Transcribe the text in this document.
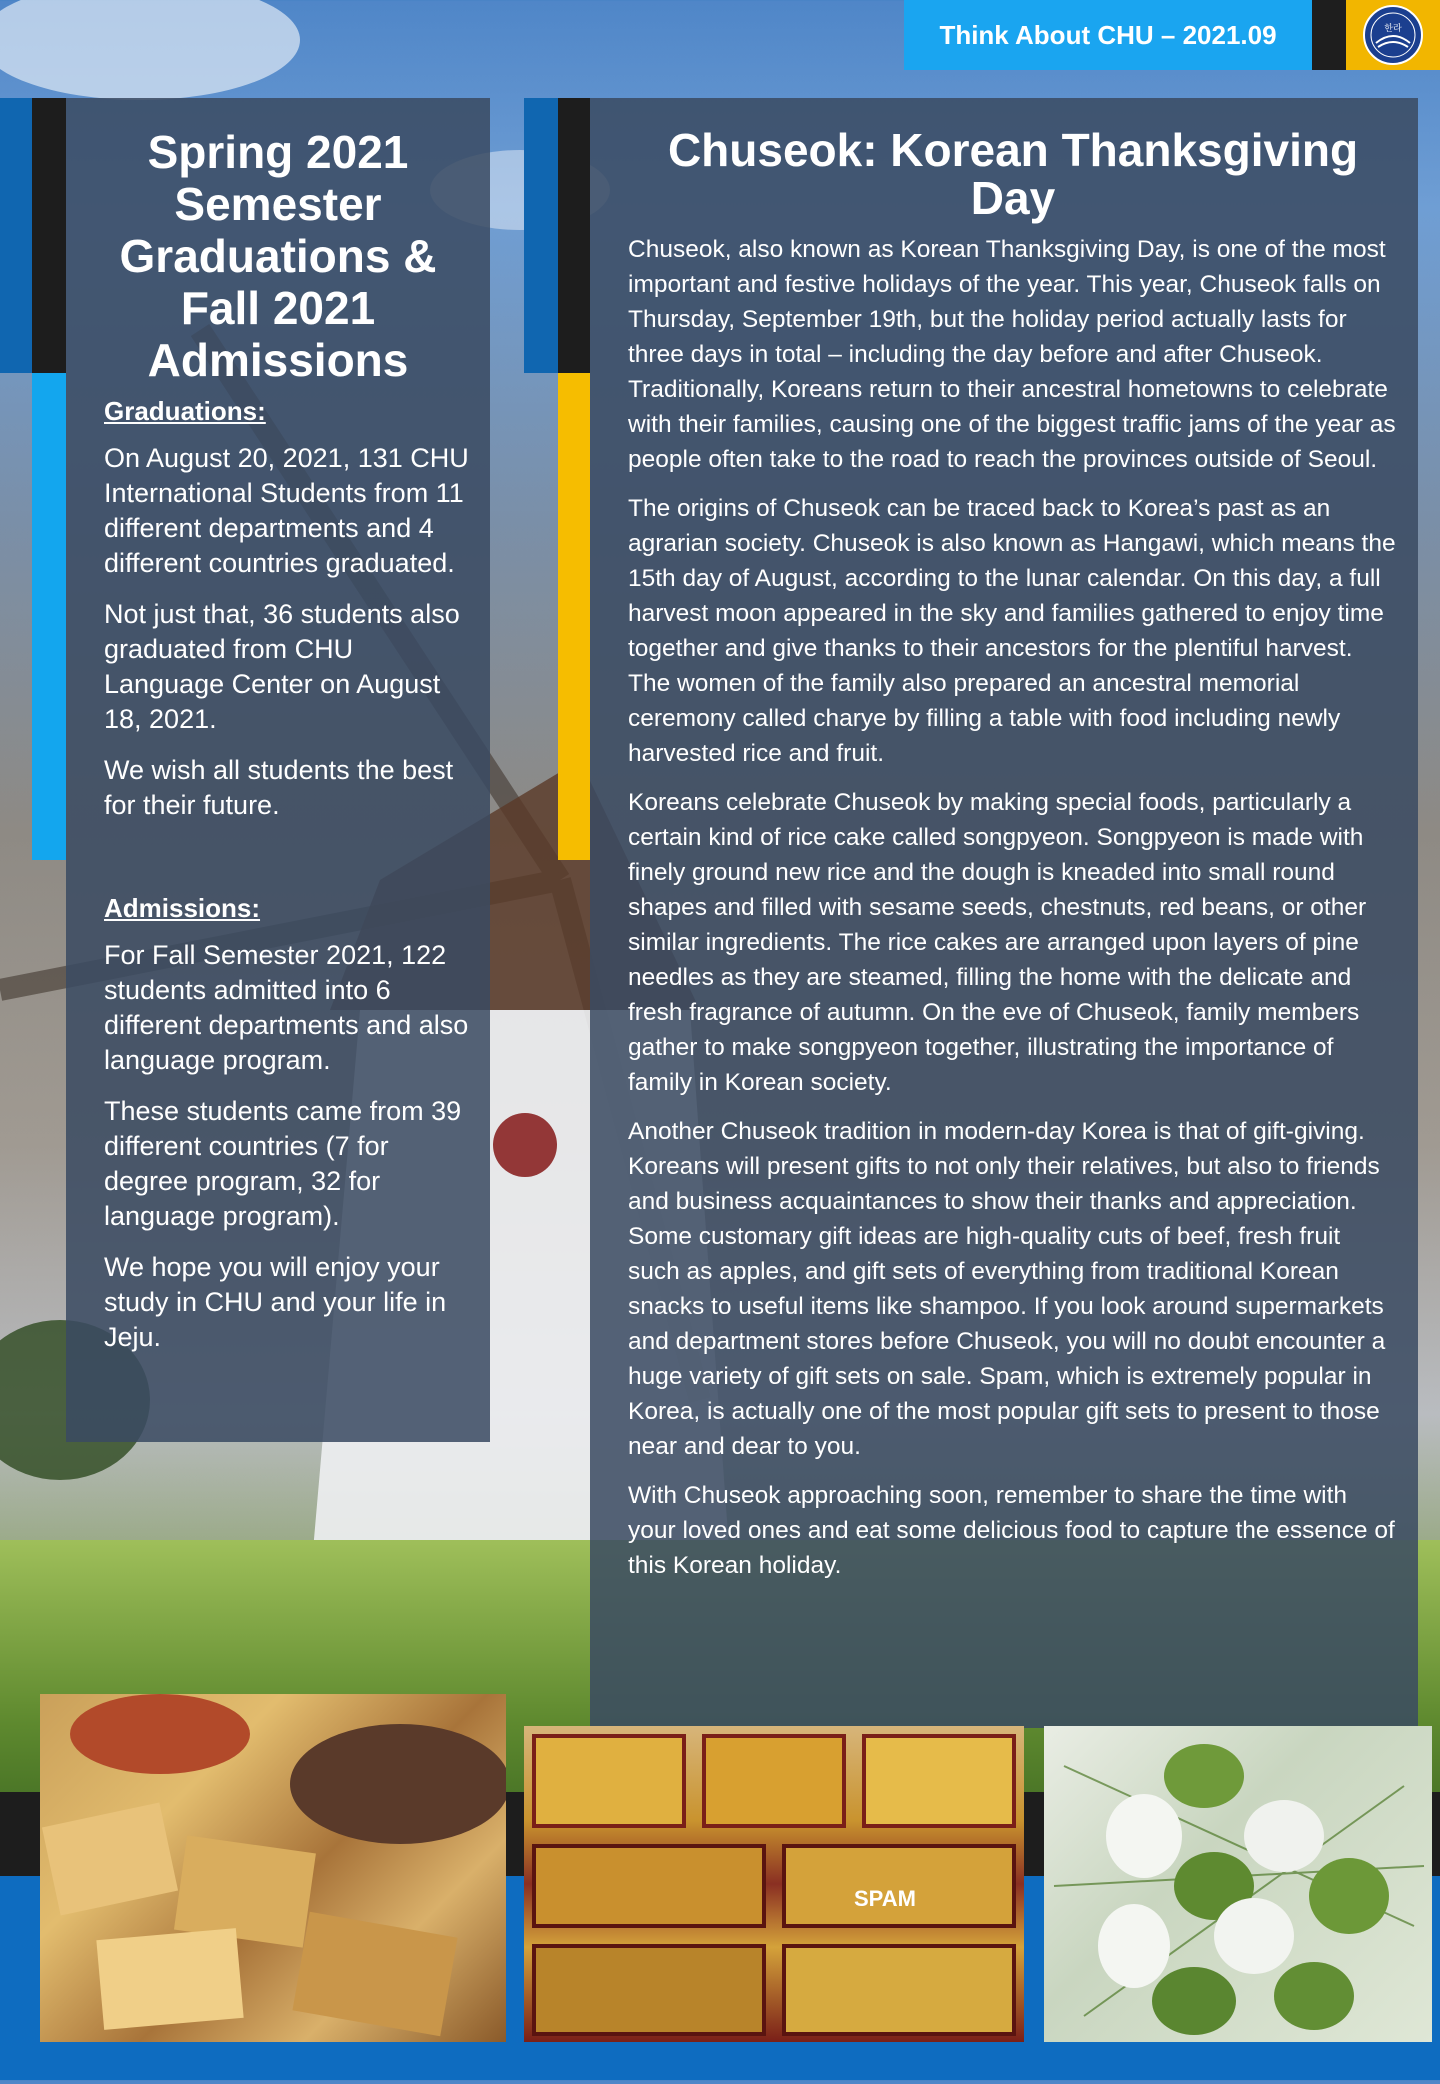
Think About CHU – 2021.09	한라
Spring 2021 Semester Graduations & Fall 2021 Admissions
Graduations:

On August 20, 2021, 131 CHU International Students from 11 different departments and 4 different countries graduated.

Not just that, 36 students also graduated from CHU Language Center on August 18, 2021.

We wish all students the best for their future.

Admissions:

For Fall Semester 2021, 122 students admitted into 6 different departments and also language program.

These students came from 39 different countries (7 for degree program, 32 for language program).

We hope you will enjoy your study in CHU and your life in Jeju.

Chuseok: Korean Thanksgiving Day

Chuseok, also known as Korean Thanksgiving Day, is one of the most important and festive holidays of the year. This year, Chuseok falls on Thursday, September 19th, but the holiday period actually lasts for three days in total – including the day before and after Chuseok. Traditionally, Koreans return to their ancestral hometowns to celebrate with their families, causing one of the biggest traffic jams of the year as people often take to the road to reach the provinces outside of Seoul.

The origins of Chuseok can be traced back to Korea’s past as an agrarian society. Chuseok is also known as Hangawi, which means the 15th day of August, according to the lunar calendar. On this day, a full harvest moon appeared in the sky and families gathered to enjoy time together and give thanks to their ancestors for the plentiful harvest. The women of the family also prepared an ancestral memorial ceremony called charye by filling a table with food including newly harvested rice and fruit.

Koreans celebrate Chuseok by making special foods, particularly a certain kind of rice cake called songpyeon. Songpyeon is made with finely ground new rice and the dough is kneaded into small round shapes and filled with sesame seeds, chestnuts, red beans, or other similar ingredients. The rice cakes are arranged upon layers of pine needles as they are steamed, filling the home with the delicate and fresh fragrance of autumn. On the eve of Chuseok, family members gather to make songpyeon together, illustrating the importance of family in Korean society.

Another Chuseok tradition in modern-day Korea is that of gift-giving. Koreans will present gifts to not only their relatives, but also to friends and business acquaintances to show their thanks and appreciation. Some customary gift ideas are high-quality cuts of beef, fresh fruit such as apples, and gift sets of everything from traditional Korean snacks to useful items like shampoo. If you look around supermarkets and department stores before Chuseok, you will no doubt encounter a huge variety of gift sets on sale. Spam, which is extremely popular in Korea, is actually one of the most popular gift sets to present to those near and dear to you.

With Chuseok approaching soon, remember to share the time with your loved ones and eat some delicious food to capture the essence of this Korean holiday.

SPAM
